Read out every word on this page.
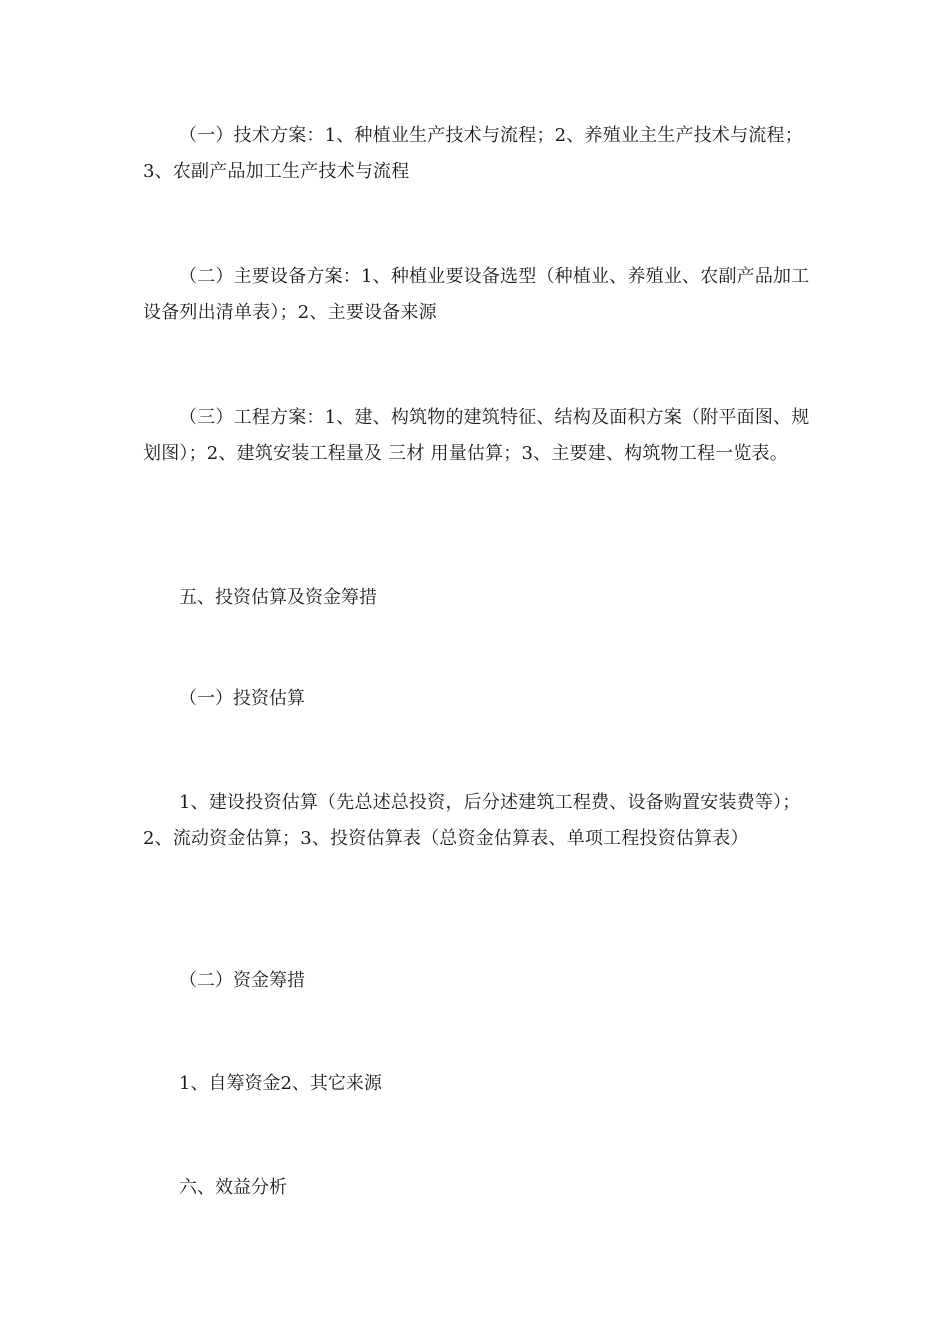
（一）技术方案：1、种植业生产技术与流程；2、养殖业主生产技术与流程；3、农副产品加工生产技术与流程

（二）主要设备方案：1、种植业要设备选型（种植业、养殖业、农副产品加工设备列出清单表）；2、主要设备来源

（三）工程方案：1、建、构筑物的建筑特征、结构及面积方案（附平面图、规划图）；2、建筑安装工程量及 三材 用量估算；3、主要建、构筑物工程一览表。

五、投资估算及资金筹措

（一）投资估算

1、建设投资估算（先总述总投资，后分述建筑工程费、设备购置安装费等）；2、流动资金估算；3、投资估算表（总资金估算表、单项工程投资估算表）

（二）资金筹措

1、自筹资金2、其它来源

六、效益分析
